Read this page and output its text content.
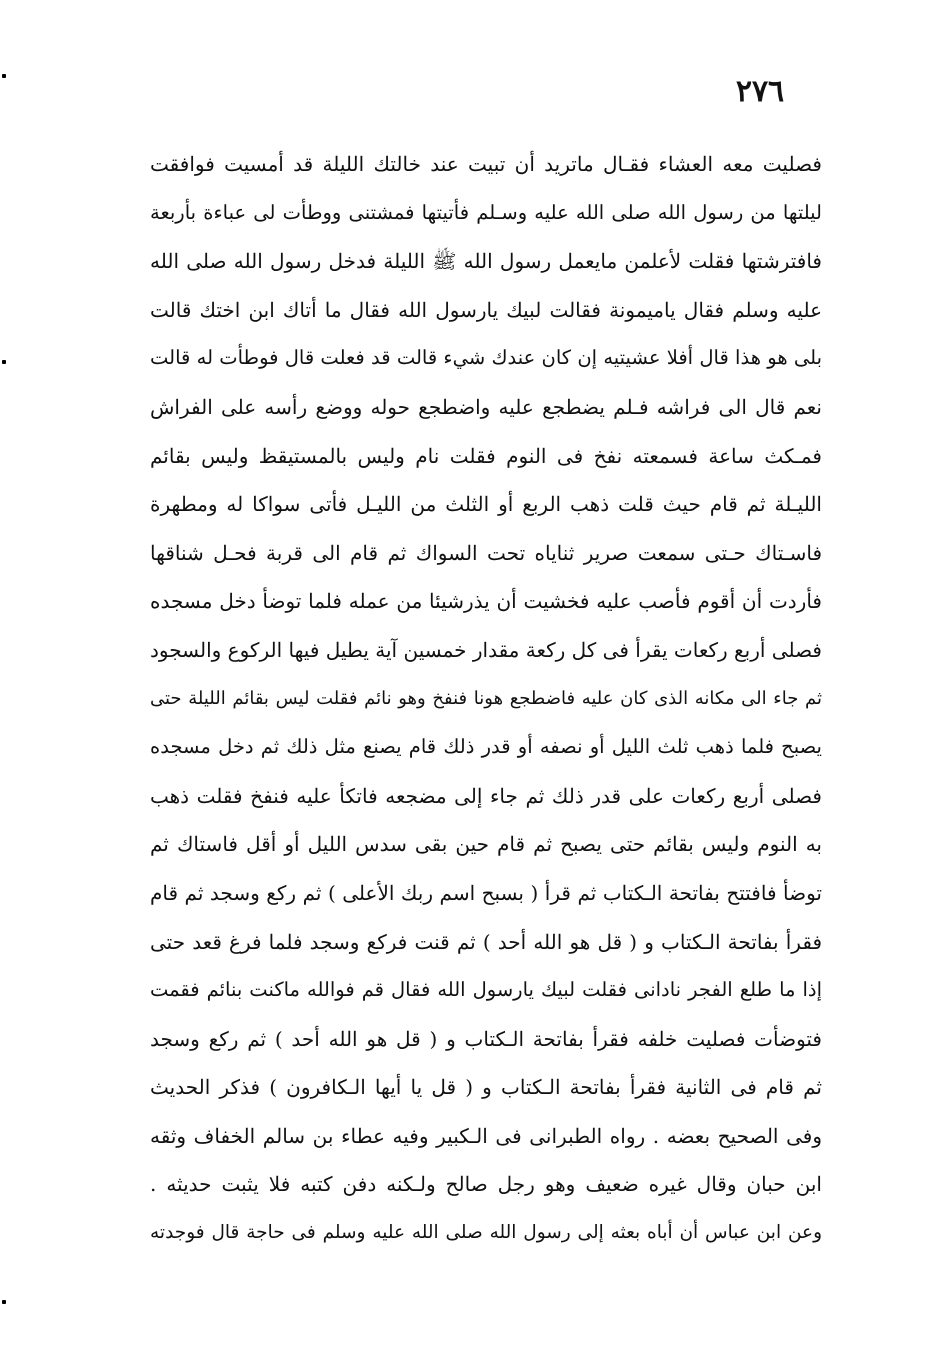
٢٧٦
فصليت معه العشاء فقـال ماتريد أن تبيت عند خالتك الليلة قد أمسيت فوافقت
ليلتها من رسول الله صلى الله عليه وسـلم فأتيتها فمشتنى ووطأت لى عباءة بأربعة
فافترشتها فقلت لأعلمن مايعمل رسول الله ﷺ الليلة فدخل رسول الله صلى الله
عليه وسلم فقال ياميمونة فقالت لبيك يارسول الله فقال ما أتاك ابن اختك قالت
بلى هو هذا قال أفلا عشيتيه إن كان عندك شيء قالت قد فعلت قال فوطأت له قالت
نعم قال الى فراشه فـلم يضطجع عليه واضطجع حوله ووضع رأسه على الفراش
فمـكث ساعة فسمعته نفخ فى النوم فقلت نام وليس بالمستيقظ وليس بقائم
الليـلة ثم قام حيث قلت ذهب الربع أو الثلث من الليـل فأتى سواكا له ومطهرة
فاسـتاك حـتى سمعت صرير ثناياه تحت السواك ثم قام الى قربة فحـل شناقها
فأردت أن أقوم فأصب عليه فخشيت أن يذرشيئا من عمله فلما توضأ دخل مسجده
فصلى أربع ركعات يقرأ فى كل ركعة مقدار خمسين آية يطيل فيها الركوع والسجود
ثم جاء الى مكانه الذى كان عليه فاضطجع هونا فنفخ وهو نائم فقلت ليس بقائم الليلة حتى
يصبح فلما ذهب ثلث الليل أو نصفه أو قدر ذلك قام يصنع مثل ذلك ثم دخل مسجده
فصلى أربع ركعات على قدر ذلك ثم جاء إلى مضجعه فاتكأ عليه فنفخ فقلت ذهب
به النوم وليس بقائم حتى يصبح ثم قام حين بقى سدس الليل أو أقل فاستاك ثم
توضأ فافتتح بفاتحة الـكتاب ثم قرأ ( بسبح اسم ربك الأعلى ) ثم ركع وسجد ثم قام
فقرأ بفاتحة الـكتاب و ( قل هو الله أحد ) ثم قنت فركع وسجد فلما فرغ قعد حتى
إذا ما طلع الفجر نادانى فقلت لبيك يارسول الله فقال قم فوالله ماكنت بنائم فقمت
فتوضأت فصليت خلفه فقرأ بفاتحة الـكتاب و ( قل هو الله أحد ) ثم ركع وسجد
ثم قام فى الثانية فقرأ بفاتحة الـكتاب و ( قل يا أيها الـكافرون ) فذكر الحديث
وفى الصحيح بعضه . رواه الطبرانى فى الـكبير وفيه عطاء بن سالم الخفاف وثقه
ابن حبان وقال غيره ضعيف وهو رجل صالح ولـكنه دفن كتبه فلا يثبت حديثه .
وعن ابن عباس أن أباه بعثه إلى رسول الله صلى الله عليه وسلم فى حاجة قال فوجدته
